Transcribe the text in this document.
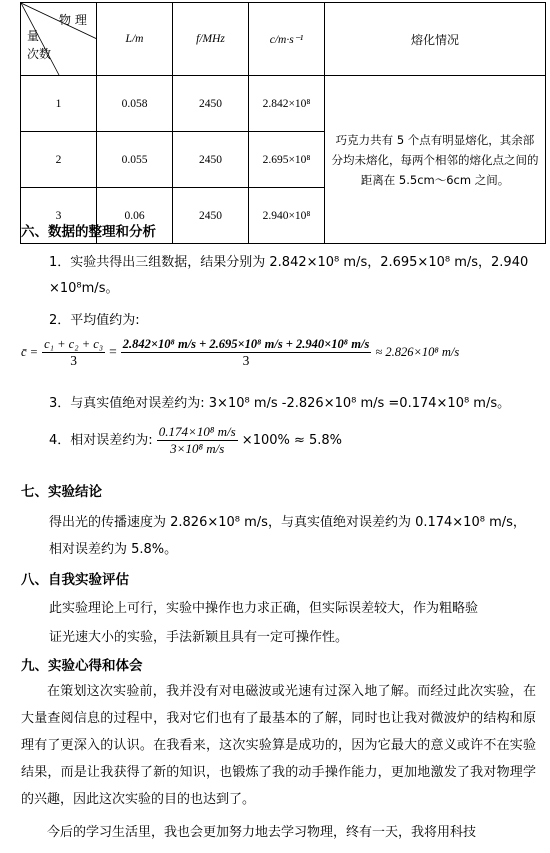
物 理
量
次数	L/m	f/MHz	c/m·s⁻¹	熔化情况
1	0.058	2450	2.842×10⁸	巧克力共有 5 个点有明显熔化，其余部分均未熔化，每两个相邻的熔化点之间的距离在 5.5cm～6cm 之间。
2	0.055	2450	2.695×10⁸	
3	0.06	2450	2.940×10⁸	
六、数据的整理和分析
1．实验共得出三组数据，结果分别为 2.842×10⁸ m/s，2.695×10⁸ m/s，2.940
×10⁸m/s。
2．平均值约为:
c̄ = $\frac{\text{c₁ + c₂ + c₃}}{3} = \frac{\text{2.842×10⁸ m/s + 2.695×10⁸ m/s + 2.940×10⁸ m/s}}{3} \approx 2.826\times 10^8$ m/s
3．与真实值绝对误差约为: 3×10⁸ m/s -2.826×10⁸ m/s =0.174×10⁸ m/s。
4．相对误差约为: $\frac{\text{0.174×10⁸ m/s}}{\text{3×10⁸ m/s}} \times 100\% \approx 5.8\%$
七、实验结论
得出光的传播速度为 2.826×10⁸ m/s，与真实值绝对误差约为 0.174×10⁸ m/s，
相对误差约为 5.8%。
八、自我实验评估
此实验理论上可行，实验中操作也力求正确，但实际误差较大，作为粗略验
证光速大小的实验，手法新颖且具有一定可操作性。
九、实验心得和体会
在策划这次实验前，我并没有对电磁波或光速有过深入地了解。而经过此次实验，在大量查阅信息的过程中，我对它们也有了最基本的了解，同时也让我对微波炉的结构和原理有了更深入的认识。在我看来，这次实验算是成功的，因为它最大的意义或许不在实验结果，而是让我获得了新的知识，也锻炼了我的动手操作能力，更加地激发了我对物理学的兴趣，因此这次实验的目的也达到了。
今后的学习生活里，我也会更加努力地去学习物理，终有一天，我将用科技
